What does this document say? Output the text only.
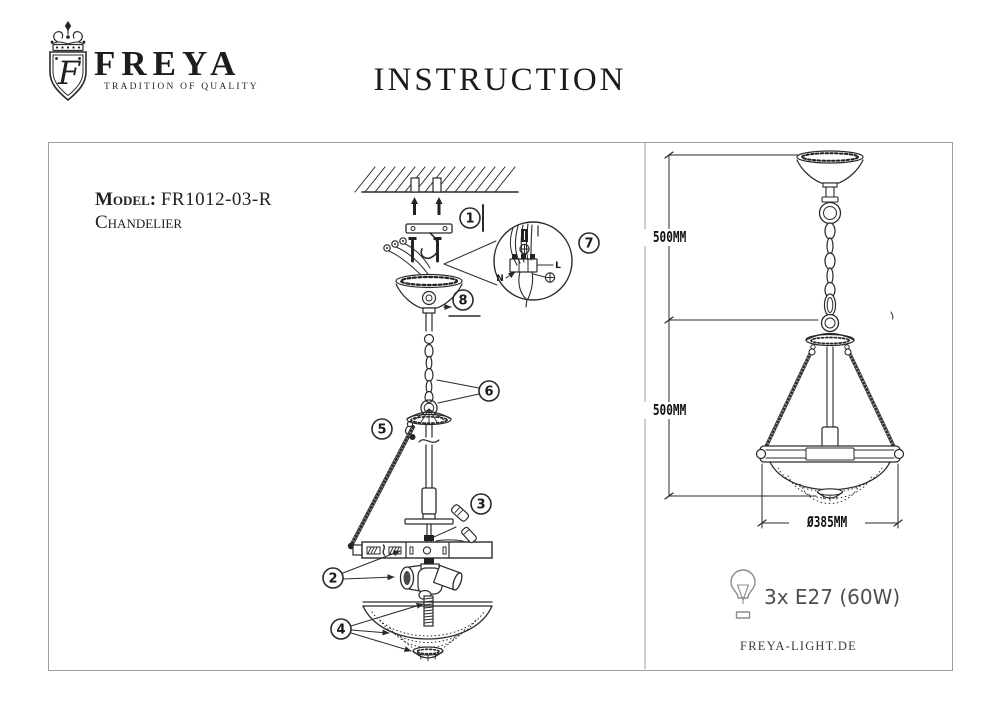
F FREYA
TRADITION OF QUALITY	INSTRUCTION
Model: FR1012-03-R
Chandelier	1
8
6
5
3
2
4
L
N
7	500MM
500MM
Ø385MM
3x E27 (60W)
FREYA-LIGHT.DE
